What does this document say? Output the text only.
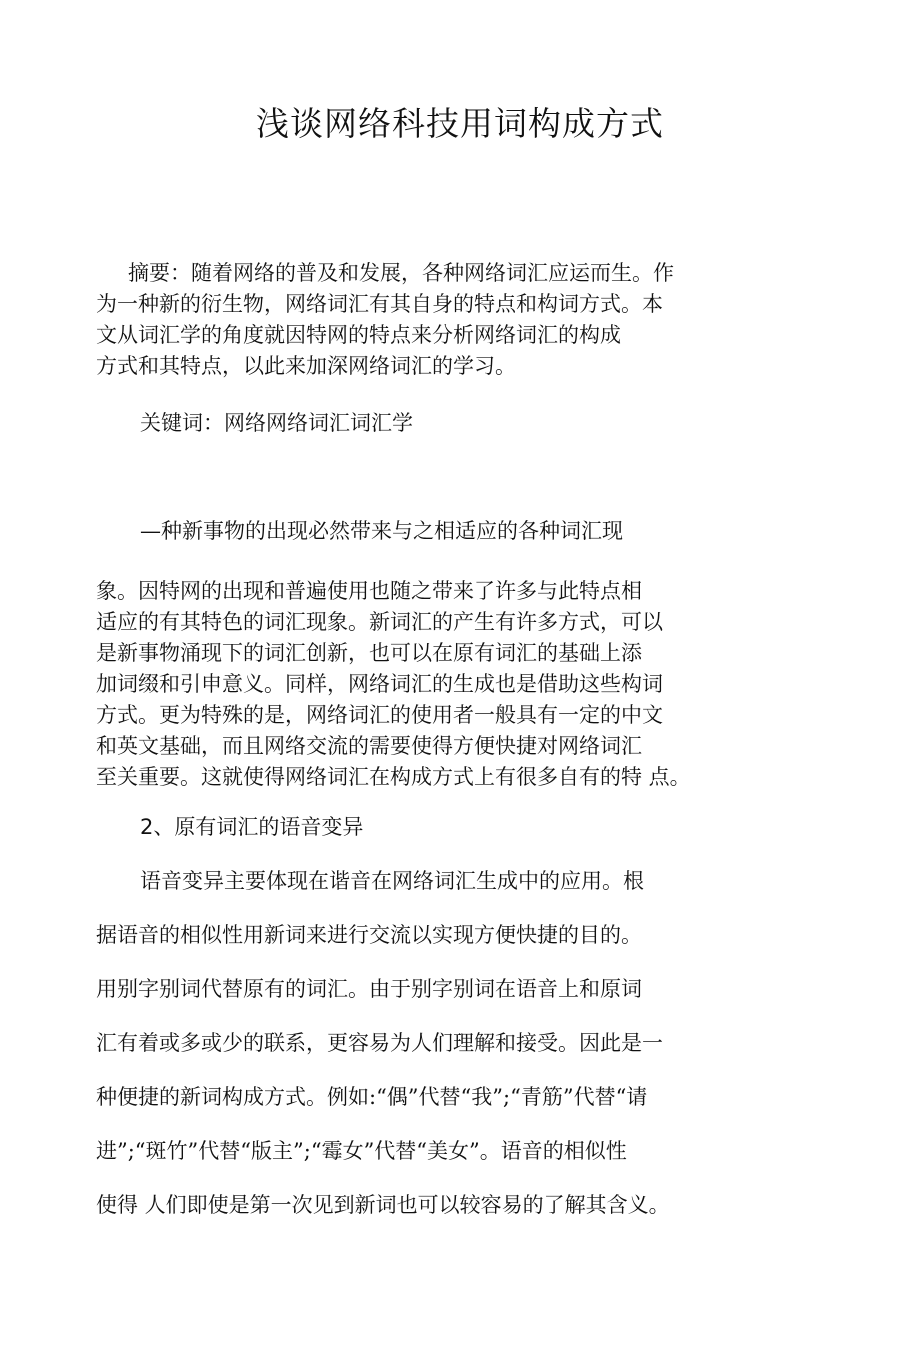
浅谈网络科技用词构成方式

摘要：随着网络的普及和发展，各种网络词汇应运而生。作

为一种新的衍生物，网络词汇有其自身的特点和构词方式。本

文从词汇学的角度就因特网的特点来分析网络词汇的构成

方式和其特点，以此来加深网络词汇的学习。

关键词：网络网络词汇词汇学

—种新事物的出现必然带来与之相适应的各种词汇现

象。因特网的出现和普遍使用也随之带来了许多与此特点相

适应的有其特色的词汇现象。新词汇的产生有许多方式，可以

是新事物涌现下的词汇创新，也可以在原有词汇的基础上添

加词缀和引申意义。同样，网络词汇的生成也是借助这些构词

方式。更为特殊的是，网络词汇的使用者一般具有一定的中文

和英文基础，而且网络交流的需要使得方便快捷对网络词汇

至关重要。这就使得网络词汇在构成方式上有很多自有的特 点。

2、原有词汇的语音变异

语音变异主要体现在谐音在网络词汇生成中的应用。根

据语音的相似性用新词来进行交流以实现方便快捷的目的。

用别字别词代替原有的词汇。由于别字别词在语音上和原词

汇有着或多或少的联系，更容易为人们理解和接受。因此是一

种便捷的新词构成方式。例如:“偶”代替“我”;“青筋”代替“请

进”;“斑竹”代替“版主”;“霉女”代替“美女”。语音的相似性

使得 人们即使是第一次见到新词也可以较容易的了解其含义。
